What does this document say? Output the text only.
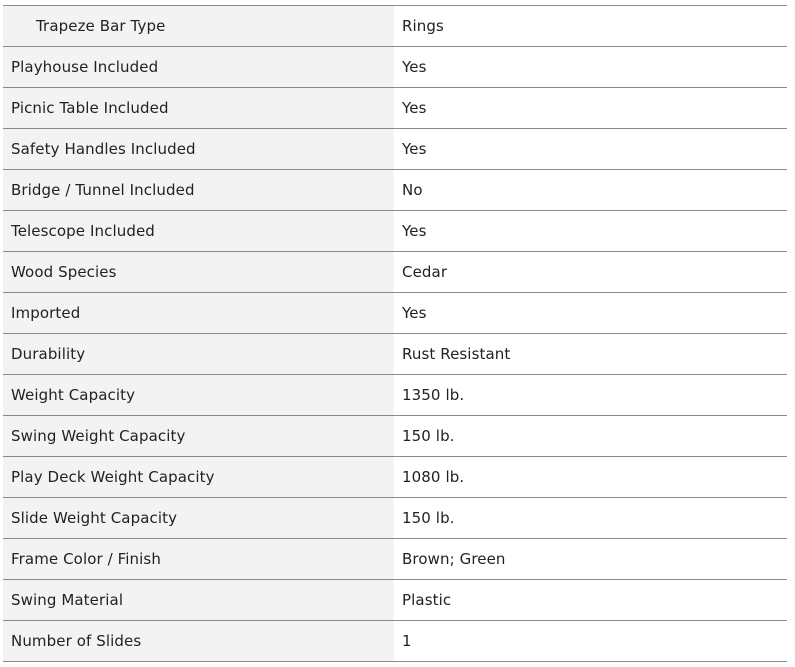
Trapeze Bar Type	Rings
Playhouse Included	Yes
Picnic Table Included	Yes
Safety Handles Included	Yes
Bridge / Tunnel Included	No
Telescope Included	Yes
Wood Species	Cedar
Imported	Yes
Durability	Rust Resistant
Weight Capacity	1350 lb.
Swing Weight Capacity	150 lb.
Play Deck Weight Capacity	1080 lb.
Slide Weight Capacity	150 lb.
Frame Color / Finish	Brown; Green
Swing Material	Plastic
Number of Slides	1
